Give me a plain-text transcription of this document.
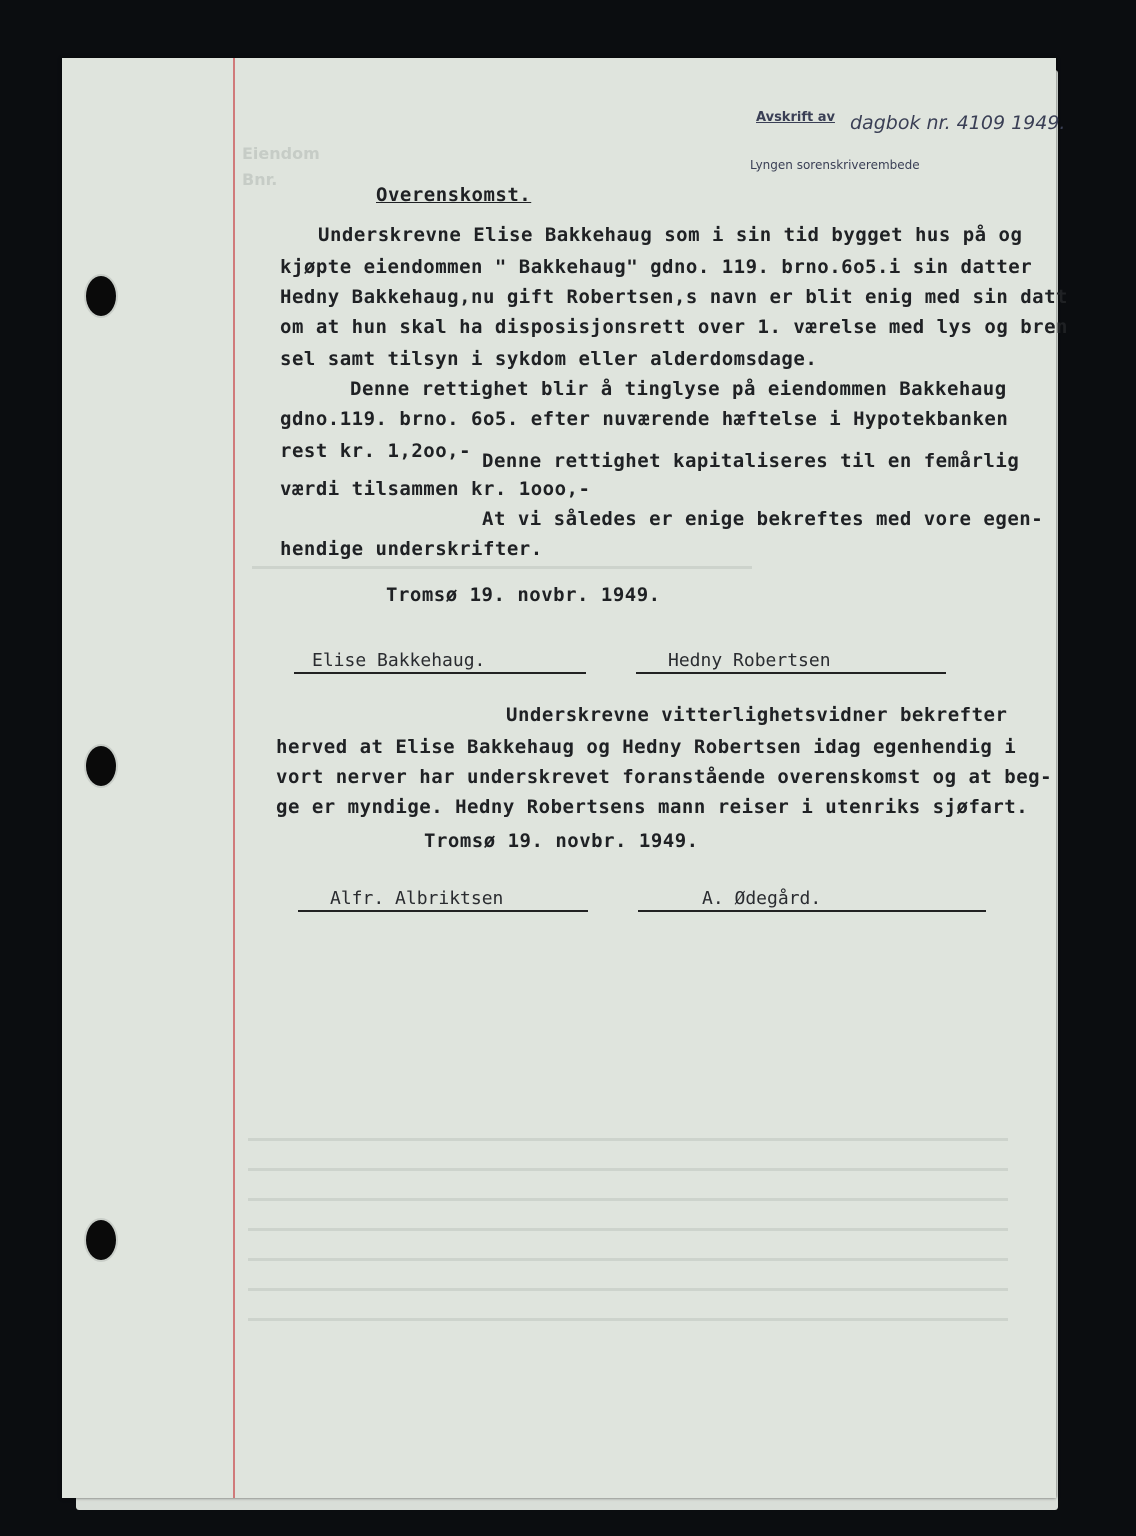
Eiendom
Bnr.
Avskrift av dagbok nr. 4109 1949.
Lyngen sorenskriverembede
Overenskomst.
Underskrevne Elise Bakkehaug som i sin tid bygget hus på og
kjøpte eiendommen " Bakkehaug" gdno. 119. brno.6o5.i sin datter
Hedny Bakkehaug,nu gift Robertsen,s navn er blit enig med sin datt
om at hun skal ha disposisjonsrett over 1. værelse med lys og bren
sel samt tilsyn i sykdom eller alderdomsdage.
Denne rettighet blir å tinglyse på eiendommen Bakkehaug
gdno.119. brno. 6o5. efter nuværende hæftelse i Hypotekbanken
rest kr. 1,2oo,- Denne rettighet kapitaliseres til en femårlig
værdi tilsammen kr. 1ooo,-
At vi således er enige bekreftes med vore egen-
hendige underskrifter.
Tromsø 19. novbr. 1949.
Elise Bakkehaug.	Hedny Robertsen
Underskrevne vitterlighetsvidner bekrefter
herved at Elise Bakkehaug og Hedny Robertsen idag egenhendig i
vort nerver har underskrevet foranstående overenskomst og at beg-
ge er myndige. Hedny Robertsens mann reiser i utenriks sjøfart.
Tromsø 19. novbr. 1949.
Alfr. Albriktsen	A. Ødegård.
